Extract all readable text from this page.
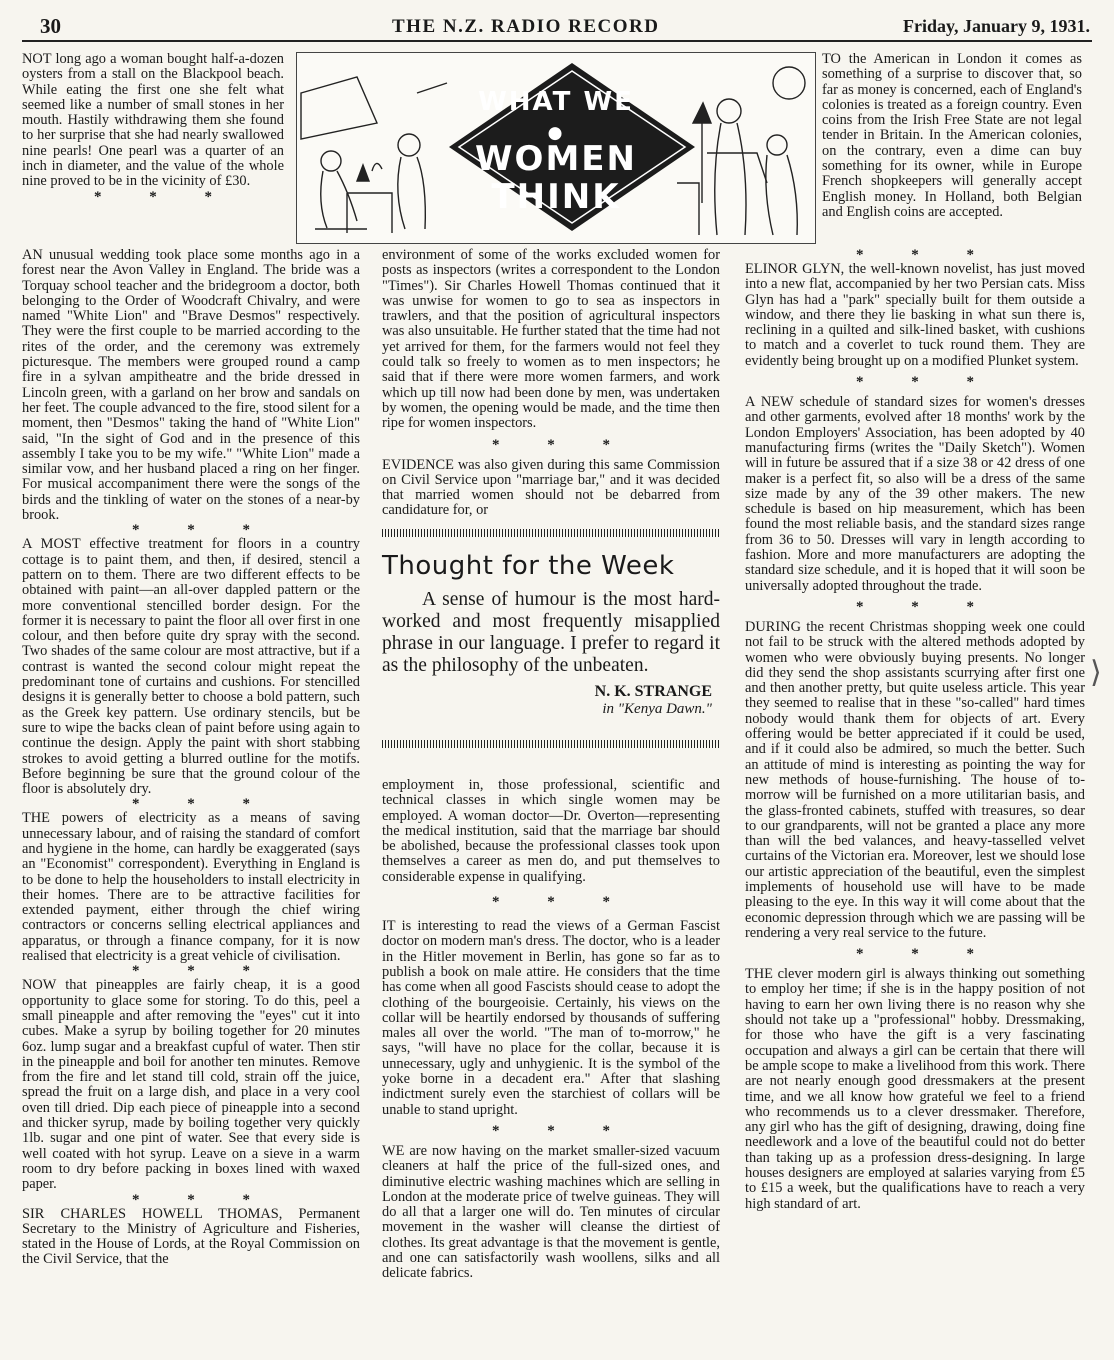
30	THE N.Z. RADIO RECORD	Friday, January 9, 1931.
WHAT WE
●
WOMEN
THINK

NOT long ago a woman bought half-a-dozen oysters from a stall on the Blackpool beach. While eating the first one she felt what seemed like a number of small stones in her mouth. Hastily withdrawing them she found to her surprise that she had nearly swallowed nine pearls! One pearl was a quarter of an inch in diameter, and the value of the whole nine proved to be in the vicinity of £30.

* * *

AN unusual wedding took place some months ago in a forest near the Avon Valley in England. The bride was a Torquay school teacher and the bridegroom a doctor, both belonging to the Order of Woodcraft Chivalry, and were named "White Lion" and "Brave Desmos" respectively. They were the first couple to be married according to the rites of the order, and the ceremony was extremely picturesque. The members were grouped round a camp fire in a sylvan ampitheatre and the bride dressed in Lincoln green, with a garland on her brow and sandals on her feet. The couple advanced to the fire, stood silent for a moment, then "Desmos" taking the hand of "White Lion" said, "In the sight of God and in the presence of this assembly I take you to be my wife." "White Lion" made a similar vow, and her husband placed a ring on her finger. For musical accompaniment there were the songs of the birds and the tinkling of water on the stones of a near-by brook.

* * *

A MOST effective treatment for floors in a country cottage is to paint them, and then, if desired, stencil a pattern on to them. There are two different effects to be obtained with paint—an all-over dappled pattern or the more conventional stencilled border design. For the former it is necessary to paint the floor all over first in one colour, and then before quite dry spray with the second. Two shades of the same colour are most attractive, but if a contrast is wanted the second colour might repeat the predominant tone of curtains and cushions. For stencilled designs it is generally better to choose a bold pattern, such as the Greek key pattern. Use ordinary stencils, but be sure to wipe the backs clean of paint before using again to continue the design. Apply the paint with short stabbing strokes to avoid getting a blurred outline for the motifs. Before beginning be sure that the ground colour of the floor is absolutely dry.

* * *

THE powers of electricity as a means of saving unnecessary labour, and of raising the standard of comfort and hygiene in the home, can hardly be exaggerated (says an "Economist" correspondent). Everything in England is to be done to help the householders to install electricity in their homes. There are to be attractive facilities for extended payment, either through the chief wiring contractors or concerns selling electrical appliances and apparatus, or through a finance company, for it is now realised that electricity is a great vehicle of civilisation.

* * *

NOW that pineapples are fairly cheap, it is a good opportunity to glace some for storing. To do this, peel a small pineapple and after removing the "eyes" cut it into cubes. Make a syrup by boiling together for 20 minutes 6oz. lump sugar and a breakfast cupful of water. Then stir in the pineapple and boil for another ten minutes. Remove from the fire and let stand till cold, strain off the juice, spread the fruit on a large dish, and place in a very cool oven till dried. Dip each piece of pineapple into a second and thicker syrup, made by boiling together very quickly 1lb. sugar and one pint of water. See that every side is well coated with hot syrup. Leave on a sieve in a warm room to dry before packing in boxes lined with waxed paper.

* * *

SIR CHARLES HOWELL THOMAS, Permanent Secretary to the Ministry of Agriculture and Fisheries, stated in the House of Lords, at the Royal Commission on the Civil Service, that the

environment of some of the works excluded women for posts as inspectors (writes a correspondent to the London "Times"). Sir Charles Howell Thomas continued that it was unwise for women to go to sea as inspectors in trawlers, and that the position of agricultural inspectors was also unsuitable. He further stated that the time had not yet arrived for them, for the farmers would not feel they could talk so freely to women as to men inspectors; he said that if there were more women farmers, and work which up till now had been done by men, was undertaken by women, the opening would be made, and the time then ripe for women inspectors.

* * *

EVIDENCE was also given during this same Commission on Civil Service upon "marriage bar," and it was decided that married women should not be debarred from candidature for, or

Thought for the Week
A sense of humour is the most hard-worked and most frequently misapplied phrase in our language. I prefer to regard it as the philosophy of the unbeaten.
N. K. STRANGE
in "Kenya Dawn."

employment in, those professional, scientific and technical classes in which single women may be employed. A woman doctor—Dr. Overton—representing the medical institution, said that the marriage bar should be abolished, because the professional classes took upon themselves a career as men do, and put themselves to considerable expense in qualifying.

* * *

IT is interesting to read the views of a German Fascist doctor on modern man's dress. The doctor, who is a leader in the Hitler movement in Berlin, has gone so far as to publish a book on male attire. He considers that the time has come when all good Fascists should cease to adopt the clothing of the bourgeoisie. Certainly, his views on the collar will be heartily endorsed by thousands of suffering males all over the world. "The man of to-morrow," he says, "will have no place for the collar, because it is unnecessary, ugly and unhygienic. It is the symbol of the yoke borne in a decadent era." After that slashing indictment surely even the starchiest of collars will be unable to stand upright.

* * *

WE are now having on the market smaller-sized vacuum cleaners at half the price of the full-sized ones, and diminutive electric washing machines which are selling in London at the moderate price of twelve guineas. They will do all that a larger one will do. Ten minutes of circular movement in the washer will cleanse the dirtiest of clothes. Its great advantage is that the movement is gentle, and one can satisfactorily wash woollens, silks and all delicate fabrics.

TO the American in London it comes as something of a surprise to discover that, so far as money is concerned, each of England's colonies is treated as a foreign country. Even coins from the Irish Free State are not legal tender in Britain. In the American colonies, on the contrary, even a dime can buy something for its owner, while in Europe French shopkeepers will generally accept English money. In Holland, both Belgian and English coins are accepted.

* * *

ELINOR GLYN, the well-known novelist, has just moved into a new flat, accompanied by her two Persian cats. Miss Glyn has had a "park" specially built for them outside a window, and there they lie basking in what sun there is, reclining in a quilted and silk-lined basket, with cushions to match and a coverlet to tuck round them. They are evidently being brought up on a modified Plunket system.

* * *

A NEW schedule of standard sizes for women's dresses and other garments, evolved after 18 months' work by the London Employers' Association, has been adopted by 40 manufacturing firms (writes the "Daily Sketch"). Women will in future be assured that if a size 38 or 42 dress of one maker is a perfect fit, so also will be a dress of the same size made by any of the 39 other makers. The new schedule is based on hip measurement, which has been found the most reliable basis, and the standard sizes range from 36 to 50. Dresses will vary in length according to fashion. More and more manufacturers are adopting the standard size schedule, and it is hoped that it will soon be universally adopted throughout the trade.

* * *

DURING the recent Christmas shopping week one could not fail to be struck with the altered methods adopted by women who were obviously buying presents. No longer did they send the shop assistants scurrying after first one and then another pretty, but quite useless article. This year they seemed to realise that in these "so-called" hard times nobody would thank them for objects of art. Every offering would be better appreciated if it could be used, and if it could also be admired, so much the better. Such an attitude of mind is interesting as pointing the way for new methods of house-furnishing. The house of to-morrow will be furnished on a more utilitarian basis, and the glass-fronted cabinets, stuffed with treasures, so dear to our grandparents, will not be granted a place any more than will the bed valances, and heavy-tasselled velvet curtains of the Victorian era. Moreover, lest we should lose our artistic appreciation of the beautiful, even the simplest implements of household use will have to be made pleasing to the eye. In this way it will come about that the economic depression through which we are passing will be rendering a very real service to the future.

* * *

THE clever modern girl is always thinking out something to employ her time; if she is in the happy position of not having to earn her own living there is no reason why she should not take up a "professional" hobby. Dressmaking, for those who have the gift is a very fascinating occupation and always a girl can be certain that there will be ample scope to make a livelihood from this work. There are not nearly enough good dressmakers at the present time, and we all know how grateful we feel to a friend who recommends us to a clever dressmaker. Therefore, any girl who has the gift of designing, drawing, doing fine needlework and a love of the beautiful could not do better than taking up as a profession dress-designing. In large houses designers are employed at salaries varying from £5 to £15 a week, but the qualifications have to reach a very high standard of art.

⟩
